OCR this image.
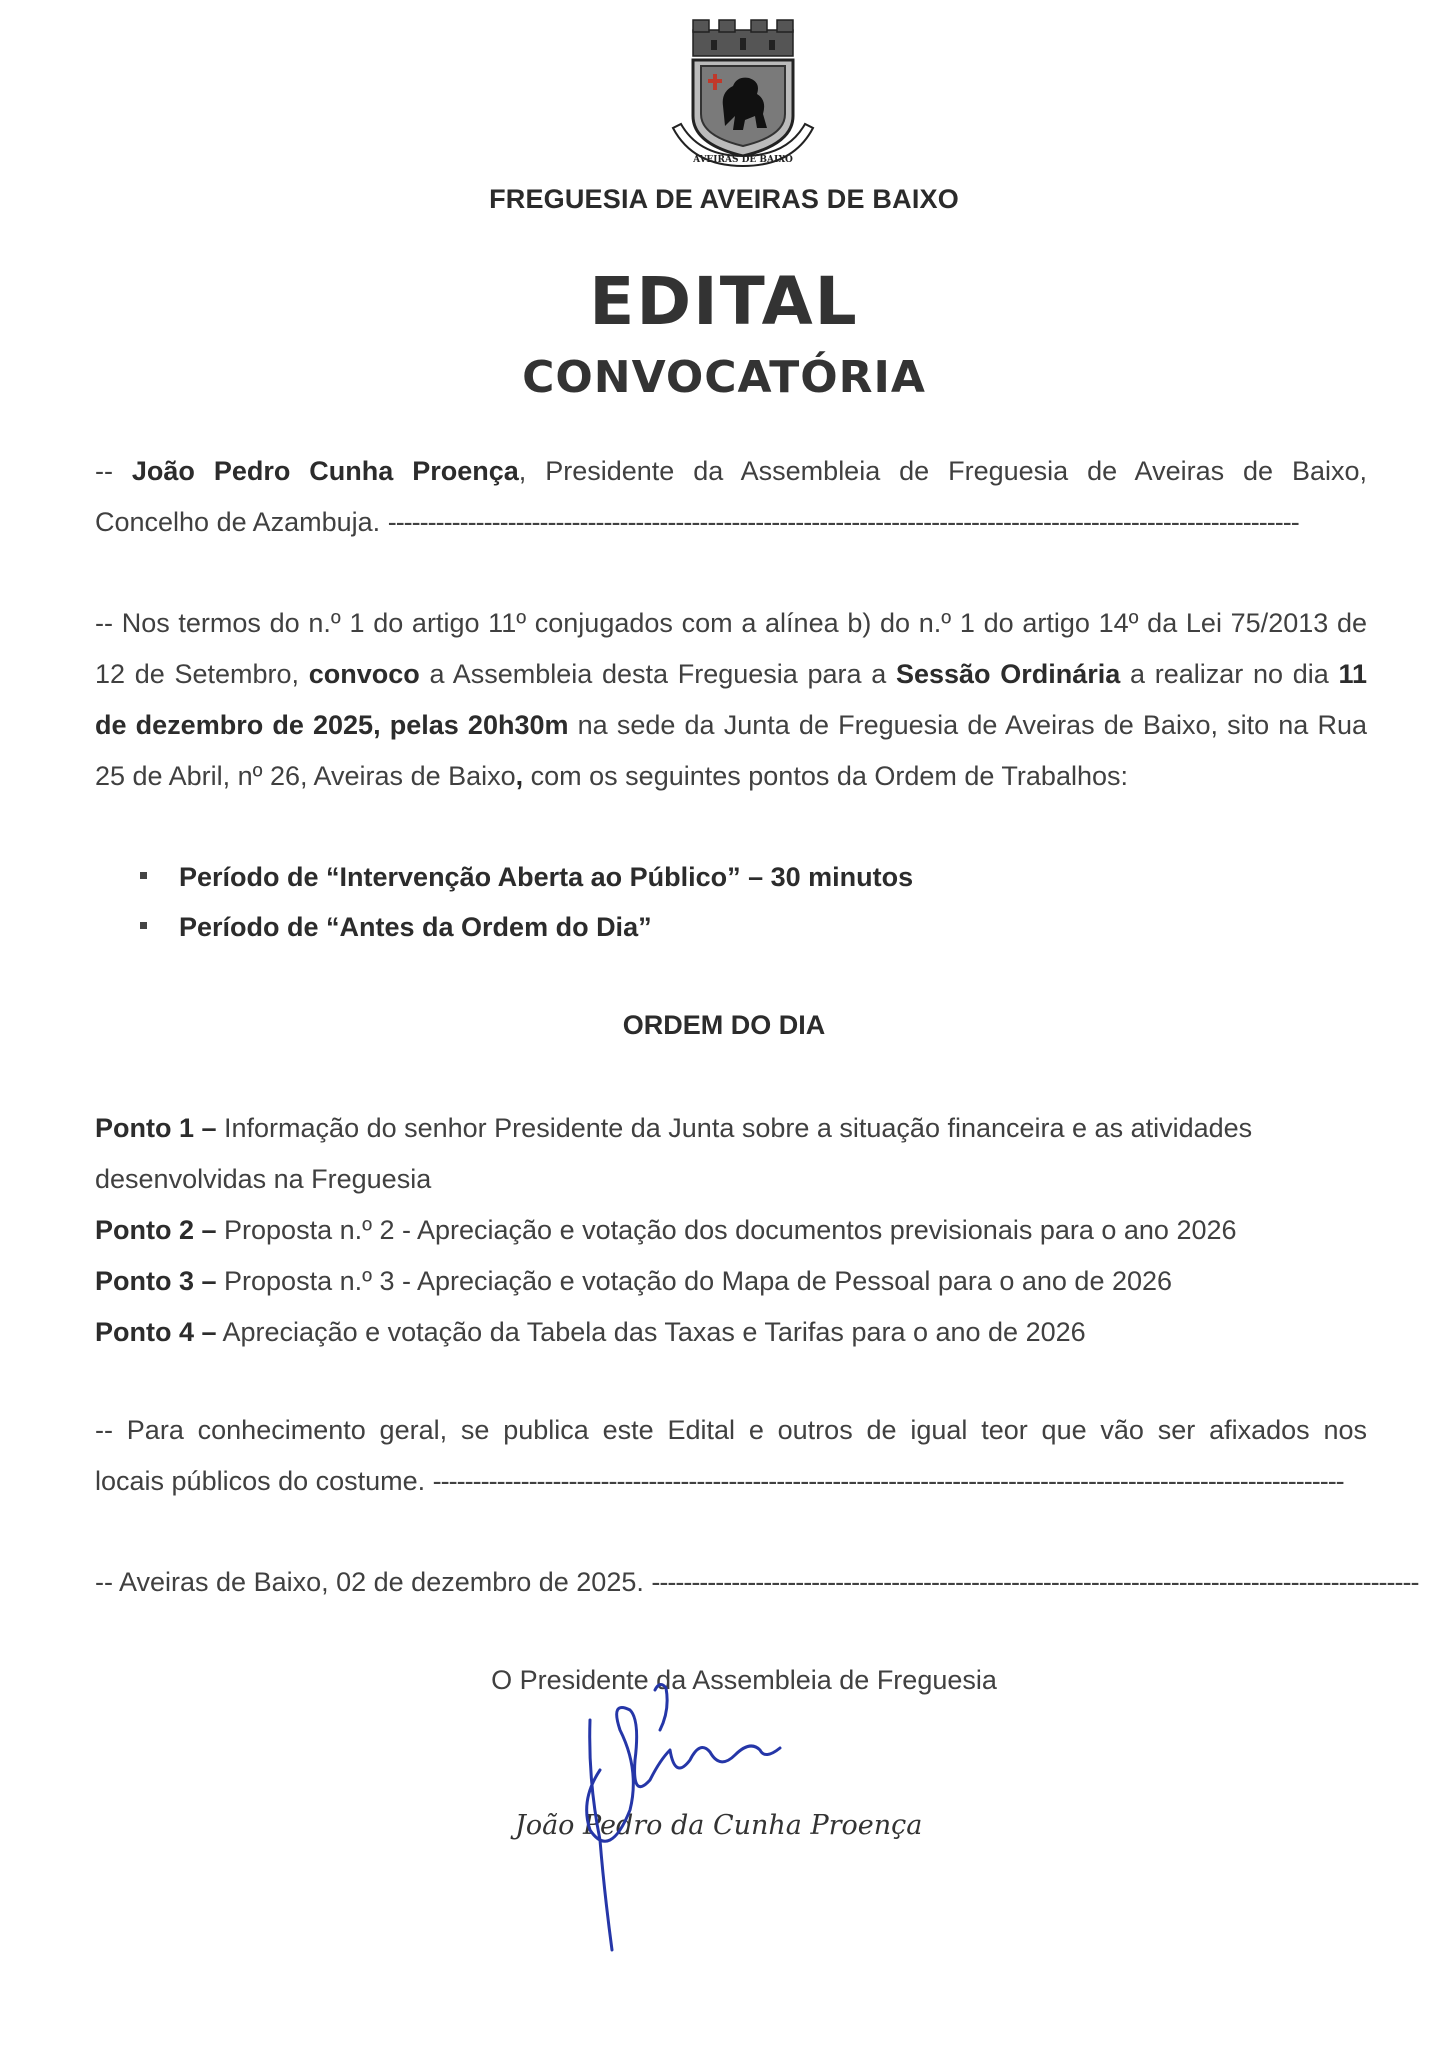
AVEIRAS DE BAIXO
FREGUESIA DE AVEIRAS DE BAIXO
EDITAL
CONVOCATÓRIA
-- João Pedro Cunha Proença, Presidente da Assembleia de Freguesia de Aveiras de Baixo,
Concelho de Azambuja. ------------------------------------------------------------------------------------------------------------------
-- Nos termos do n.º 1 do artigo 11º conjugados com a alínea b) do n.º 1 do artigo 14º da Lei 75/2013 de 12 de Setembro, convoco a Assembleia desta Freguesia para a Sessão Ordinária a realizar no dia 11 de dezembro de 2025, pelas 20h30m na sede da Junta de Freguesia de Aveiras de Baixo, sito na Rua 25 de Abril, nº 26, Aveiras de Baixo, com os seguintes pontos da Ordem de Trabalhos:
Período de “Intervenção Aberta ao Público” – 30 minutos
Período de “Antes da Ordem do Dia”
ORDEM DO DIA
Ponto 1 – Informação do senhor Presidente da Junta sobre a situação financeira e as atividades
desenvolvidas na Freguesia
Ponto 2 – Proposta n.º 2 - Apreciação e votação dos documentos previsionais para o ano 2026
Ponto 3 – Proposta n.º 3 - Apreciação e votação do Mapa de Pessoal para o ano de 2026
Ponto 4 – Apreciação e votação da Tabela das Taxas e Tarifas para o ano de 2026
-- Para conhecimento geral, se publica este Edital e outros de igual teor que vão ser afixados nos
locais públicos do costume. ------------------------------------------------------------------------------------------------------------------
-- Aveiras de Baixo, 02 de dezembro de 2025. ------------------------------------------------------------------------------------------------
O Presidente da Assembleia de Freguesia
João Pedro da Cunha Proença
